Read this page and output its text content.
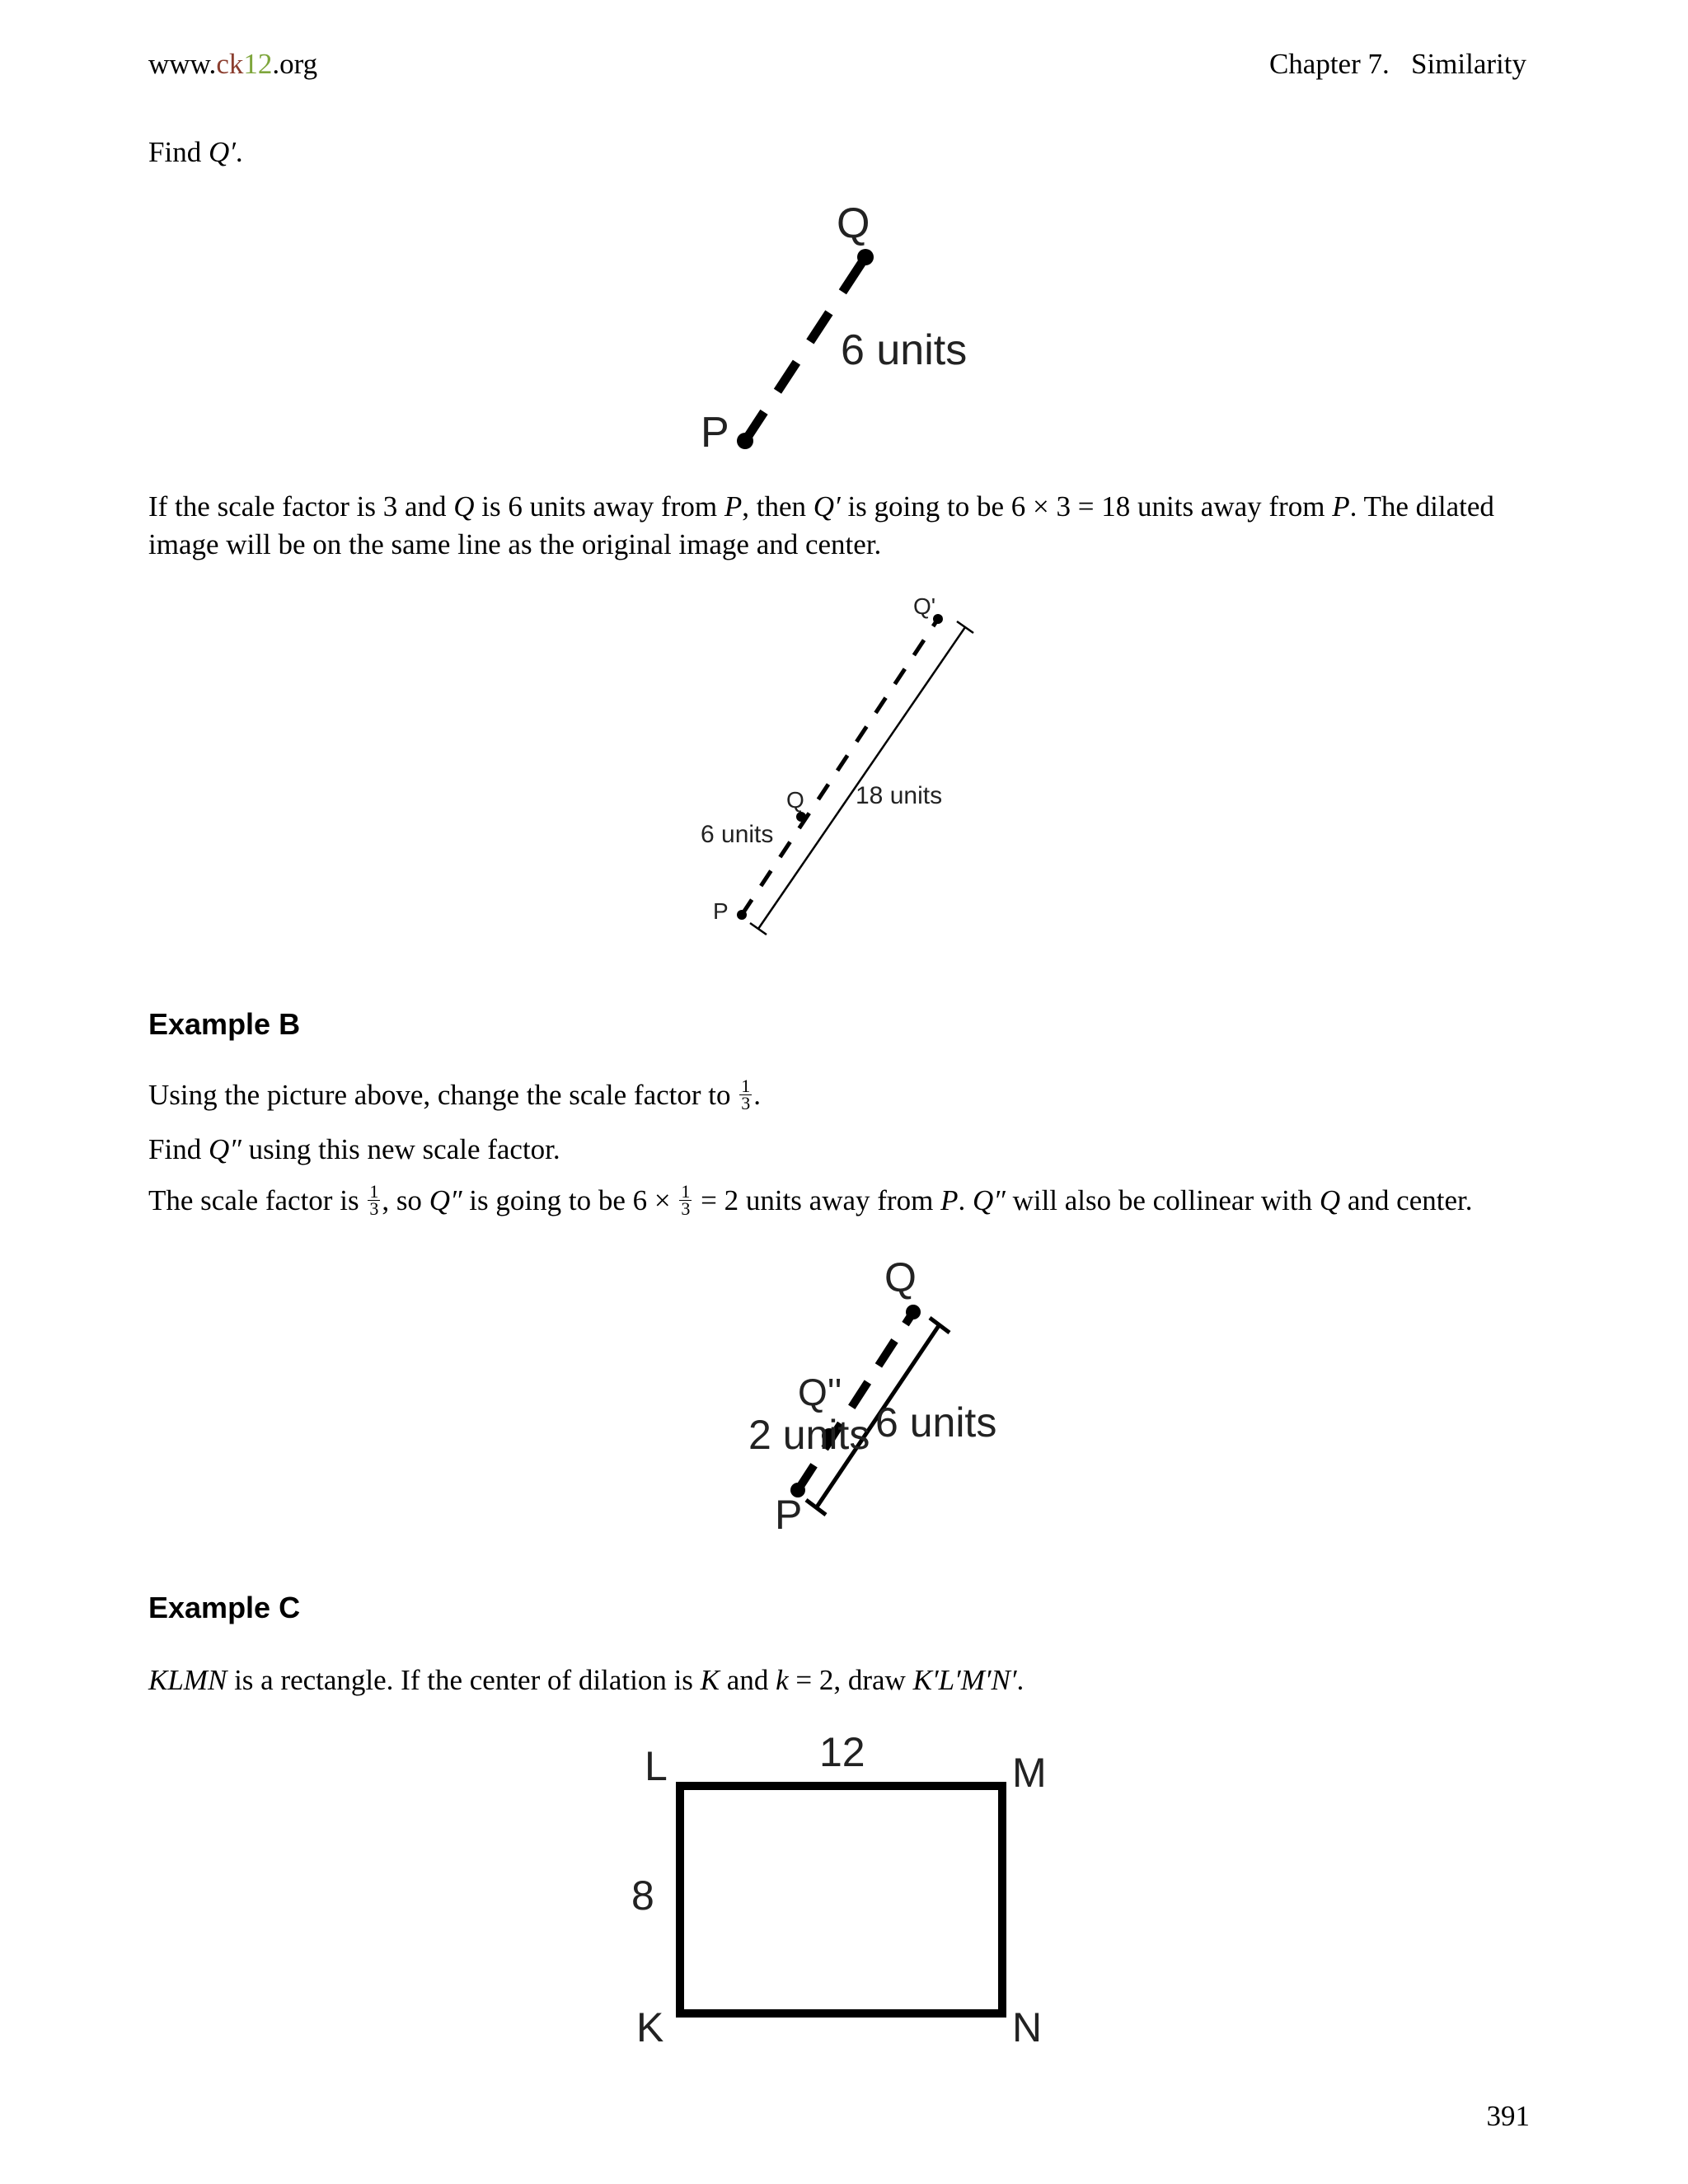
www.ck12.org	Chapter 7.   Similarity
Find Q′.
Q
P
6 units
If the scale factor is 3 and Q is 6 units away from P, then Q′ is going to be 6 × 3 = 18 units away from P. The dilated image will be on the same line as the original image and center.
Q'
Q
P
18 units
6 units
Example B
Using the picture above, change the scale factor to $\frac{1}{3}$ .
Find Q″ using this new scale factor.
The scale factor is $\frac{1}{3}$ , so Q″ is going to be $6 \times \frac{1}{3} = 2$ units away from P. Q″ will also be collinear with Q and center.
Q
Q''
2 units 6 units
P
Example C
KLMN is a rectangle. If the center of dilation is K and k = 2, draw K′L′M′N′.
L	M
K	N
12
8
391
